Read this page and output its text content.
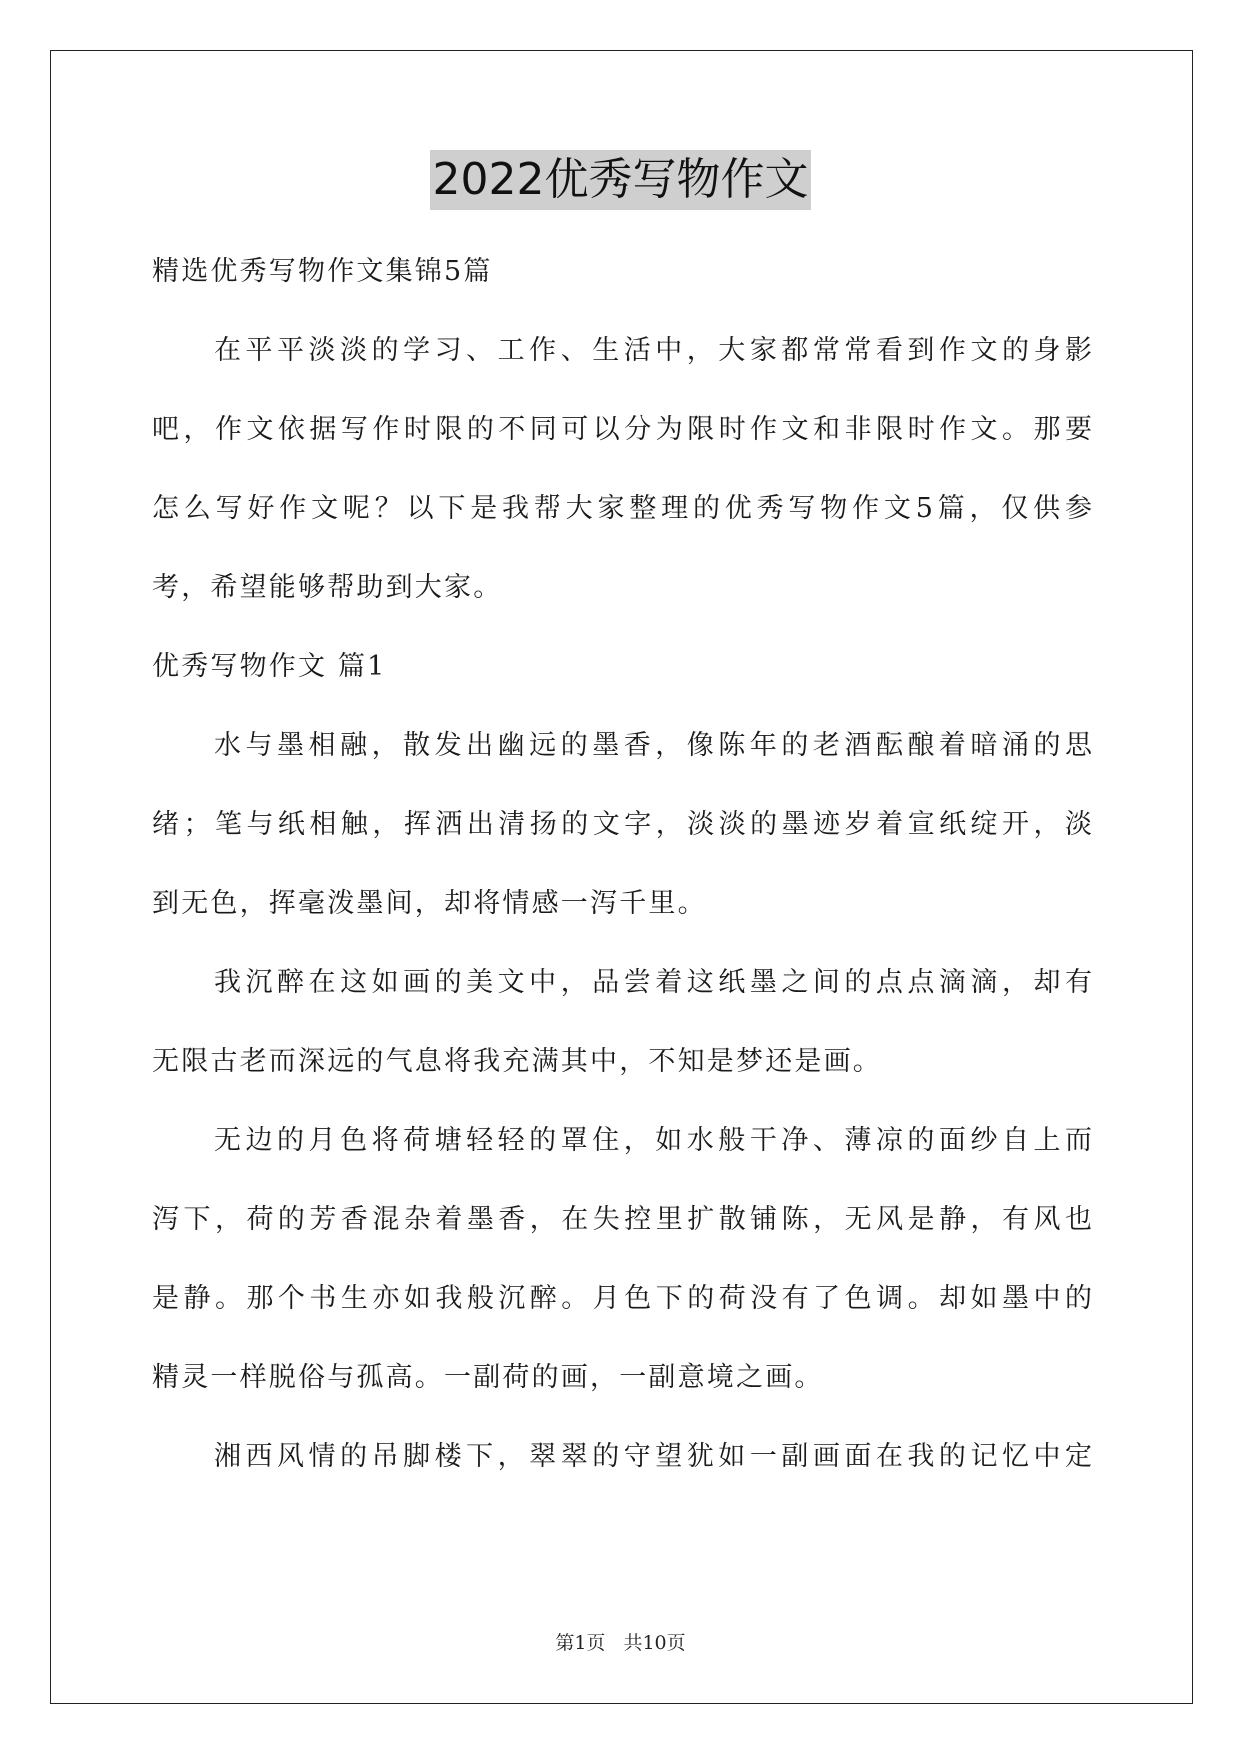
2022优秀写物作文
精选优秀写物作文集锦5篇
在平平淡淡的学习、工作、生活中，大家都常常看到作文的身影
吧，作文依据写作时限的不同可以分为限时作文和非限时作文。那要
怎么写好作文呢？以下是我帮大家整理的优秀写物作文5篇，仅供参
考，希望能够帮助到大家。
优秀写物作文 篇1
水与墨相融，散发出幽远的墨香，像陈年的老酒酝酿着暗涌的思
绪；笔与纸相触，挥洒出清扬的文字，淡淡的墨迹岁着宣纸绽开，淡
到无色，挥毫泼墨间，却将情感一泻千里。
我沉醉在这如画的美文中，品尝着这纸墨之间的点点滴滴，却有
无限古老而深远的气息将我充满其中，不知是梦还是画。
无边的月色将荷塘轻轻的罩住，如水般干净、薄凉的面纱自上而
泻下，荷的芳香混杂着墨香，在失控里扩散铺陈，无风是静，有风也
是静。那个书生亦如我般沉醉。月色下的荷没有了色调。却如墨中的
精灵一样脱俗与孤高。一副荷的画，一副意境之画。
湘西风情的吊脚楼下，翠翠的守望犹如一副画面在我的记忆中定
第1页 共10页
